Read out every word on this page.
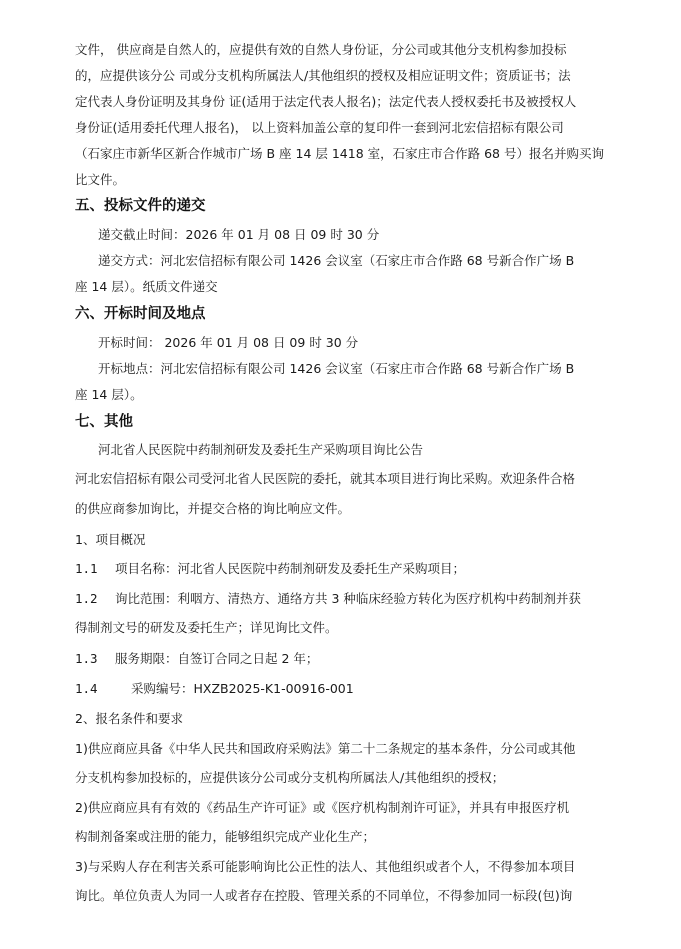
文件， 供应商是自然人的，应提供有效的自然人身份证，分公司或其他分支机构参加投标
的，应提供该分公 司或分支机构所属法人/其他组织的授权及相应证明文件；资质证书；法
定代表人身份证明及其身份 证(适用于法定代表人报名)；法定代表人授权委托书及被授权人
身份证(适用委托代理人报名)， 以上资料加盖公章的复印件一套到河北宏信招标有限公司
（石家庄市新华区新合作城市广场 B 座 14 层 1418 室，石家庄市合作路 68 号）报名并购买询
比文件。
五、投标文件的递交
递交截止时间：2026 年 01 月 08 日 09 时 30 分
递交方式：河北宏信招标有限公司 1426 会议室（石家庄市合作路 68 号新合作广场 B
座 14 层）。纸质文件递交
六、开标时间及地点
开标时间： 2026 年 01 月 08 日 09 时 30 分
开标地点：河北宏信招标有限公司 1426 会议室（石家庄市合作路 68 号新合作广场 B
座 14 层）。
七、其他
河北省人民医院中药制剂研发及委托生产采购项目询比公告
河北宏信招标有限公司受河北省人民医院的委托，就其本项目进行询比采购。欢迎条件合格
的供应商参加询比，并提交合格的询比响应文件。
1、项目概况
1.1 项目名称：河北省人民医院中药制剂研发及委托生产采购项目；
1.2 询比范围：利咽方、清热方、通络方共 3 种临床经验方转化为医疗机构中药制剂并获
得制剂文号的研发及委托生产；详见询比文件。
1.3 服务期限：自签订合同之日起 2 年；
1.4	采购编号：HXZB2025-K1-00916-001
2、报名条件和要求
1)供应商应具备《中华人民共和国政府采购法》第二十二条规定的基本条件，分公司或其他
分支机构参加投标的，应提供该分公司或分支机构所属法人/其他组织的授权；
2)供应商应具有有效的《药品生产许可证》或《医疗机构制剂许可证》，并具有申报医疗机
构制剂备案或注册的能力，能够组织完成产业化生产；
3)与采购人存在利害关系可能影响询比公正性的法人、其他组织或者个人，不得参加本项目
询比。单位负责人为同一人或者存在控股、管理关系的不同单位，不得参加同一标段(包)询
